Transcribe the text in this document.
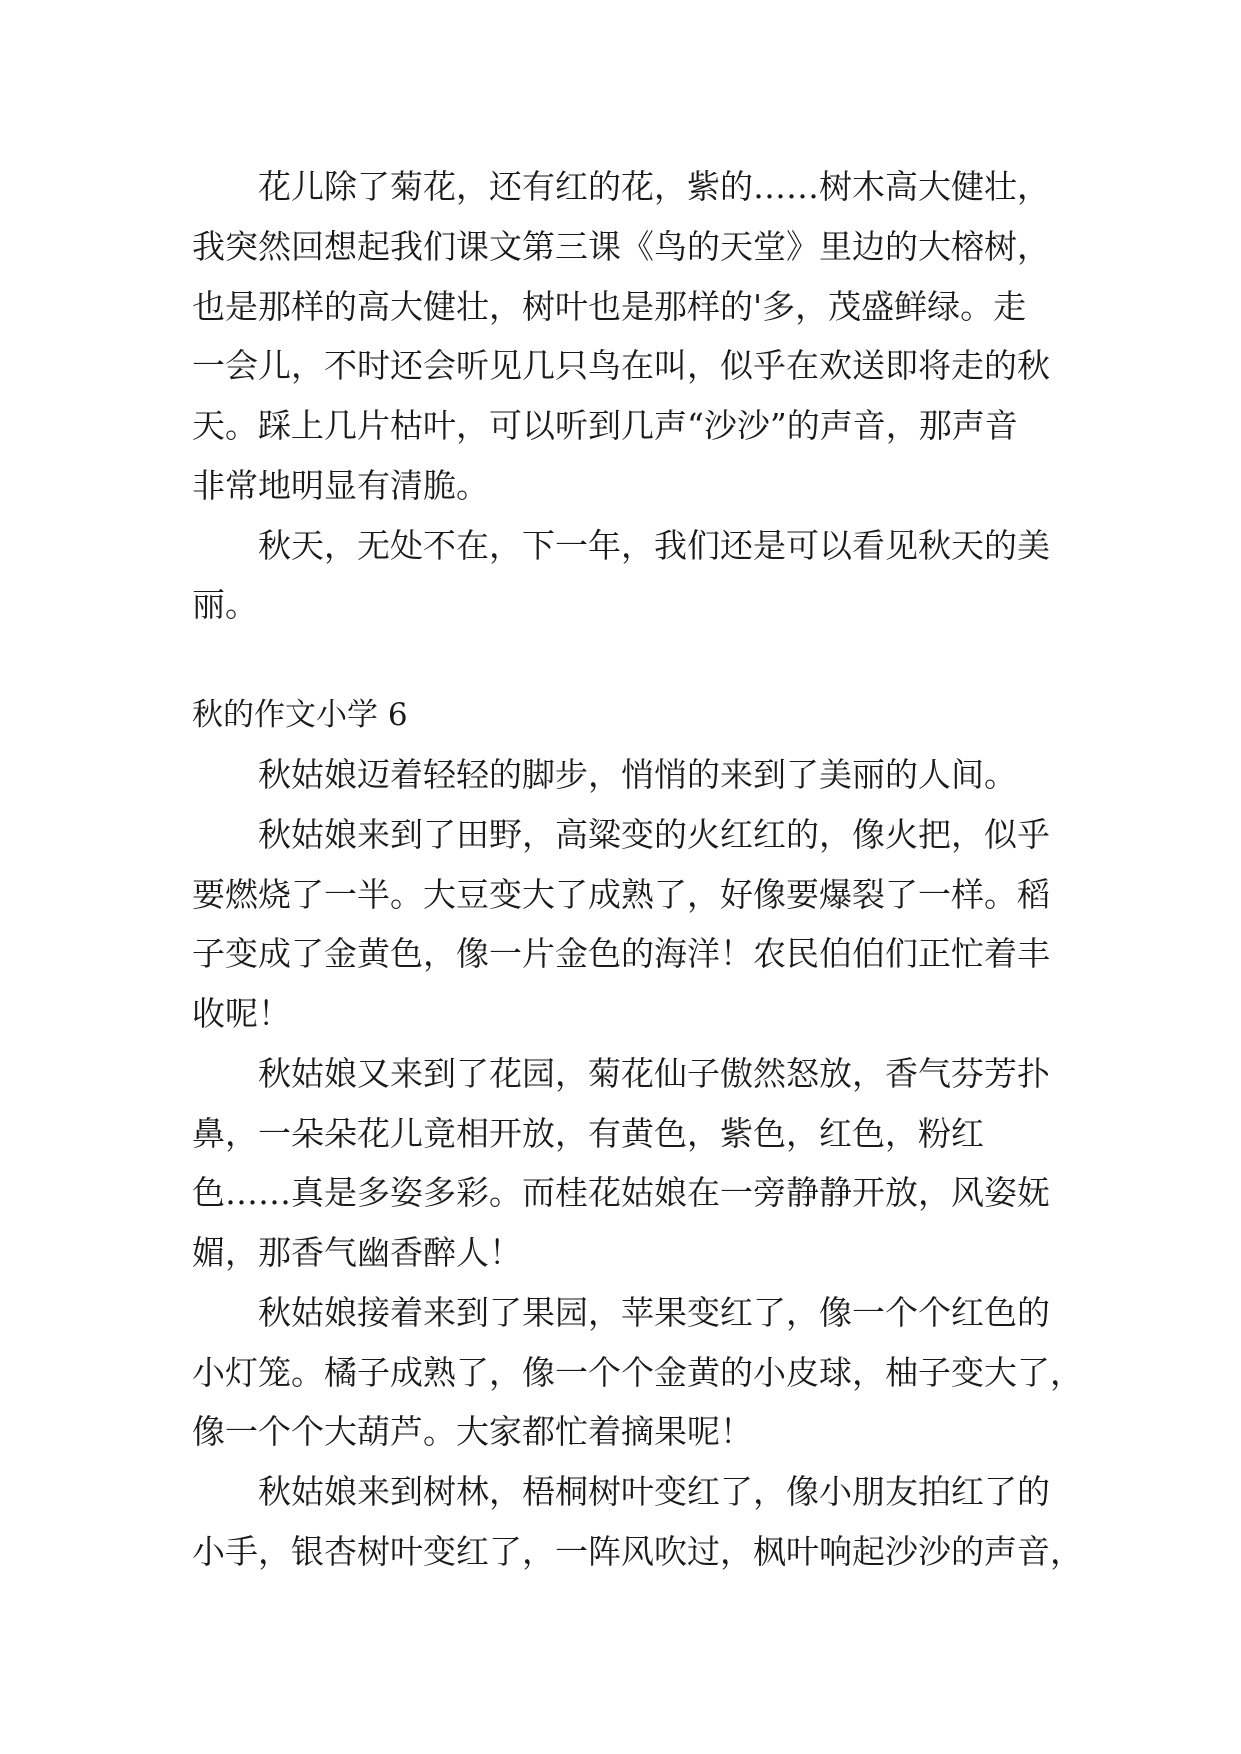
花儿除了菊花，还有红的花，紫的……树木高大健壮，
我突然回想起我们课文第三课《鸟的天堂》里边的大榕树，
也是那样的高大健壮，树叶也是那样的'多，茂盛鲜绿。走
一会儿，不时还会听见几只鸟在叫，似乎在欢送即将走的秋
天。踩上几片枯叶，可以听到几声“沙沙”的声音，那声音
非常地明显有清脆。
秋天，无处不在，下一年，我们还是可以看见秋天的美
丽。
秋的作文小学 6
秋姑娘迈着轻轻的脚步，悄悄的来到了美丽的人间。
秋姑娘来到了田野，高粱变的火红红的，像火把，似乎
要燃烧了一半。大豆变大了成熟了，好像要爆裂了一样。稻
子变成了金黄色，像一片金色的海洋！农民伯伯们正忙着丰
收呢！
秋姑娘又来到了花园，菊花仙子傲然怒放，香气芬芳扑
鼻，一朵朵花儿竟相开放，有黄色，紫色，红色，粉红
色……真是多姿多彩。而桂花姑娘在一旁静静开放，风姿妩
媚，那香气幽香醉人！
秋姑娘接着来到了果园，苹果变红了，像一个个红色的
小灯笼。橘子成熟了，像一个个金黄的小皮球，柚子变大了，
像一个个大葫芦。大家都忙着摘果呢！
秋姑娘来到树林，梧桐树叶变红了，像小朋友拍红了的
小手，银杏树叶变红了，一阵风吹过，枫叶响起沙沙的声音，
